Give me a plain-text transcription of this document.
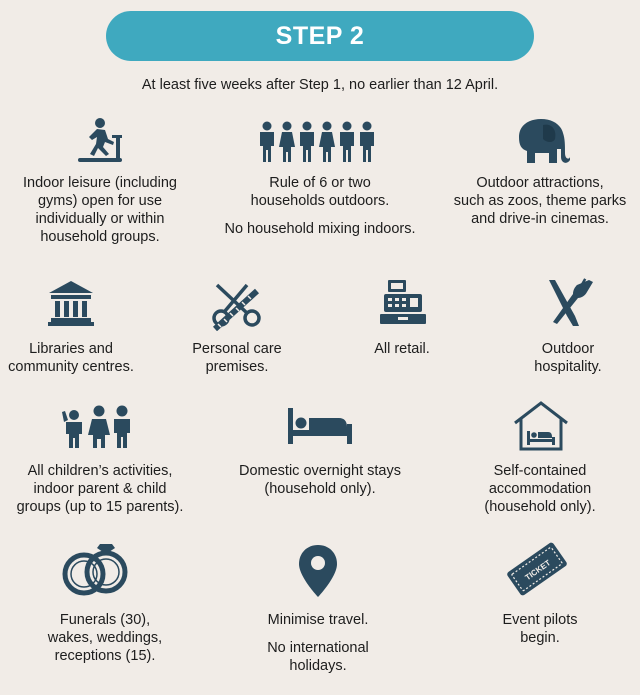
STEP 2
At least five weeks after Step 1, no earlier than 12 April.
Indoor leisure (including
gyms) open for use
individually or within
household groups.
Rule of 6 or two
households outdoors.
No household mixing indoors.
Outdoor attractions,
such as zoos, theme parks
and drive-in cinemas.
Libraries and
community centres.
Personal care
premises.
All retail.	Outdoor
hospitality.
All children’s activities,
indoor parent & child
groups (up to 15 parents).
Domestic overnight stays
(household only).
Self-contained
accommodation
(household only).
Funerals (30),
wakes, weddings,
receptions (15).
Minimise travel.
No international
holidays.
TICKET
Event pilots
begin.
